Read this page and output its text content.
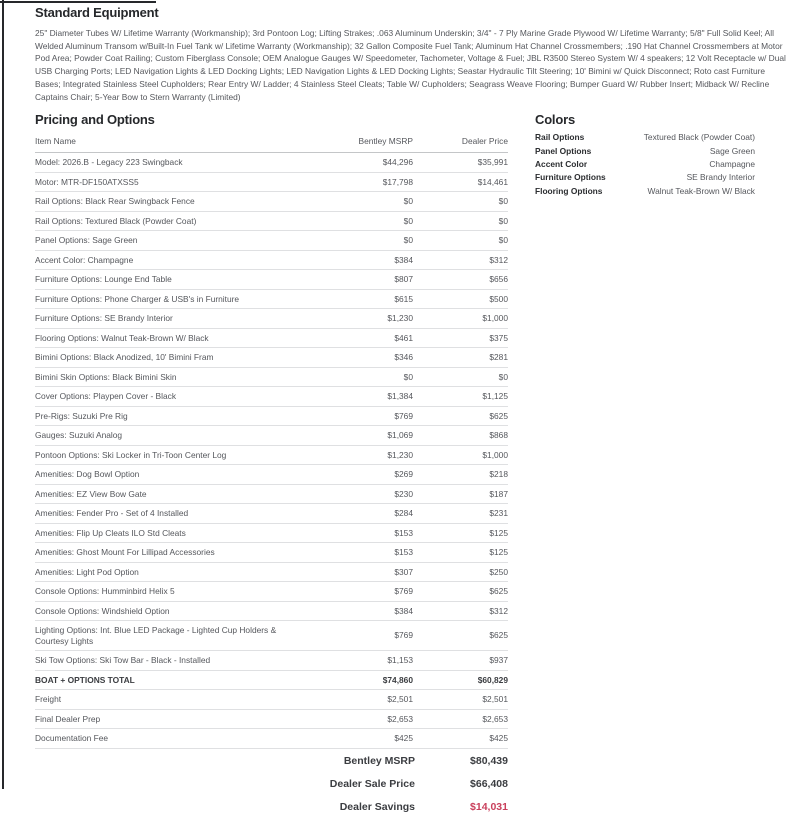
Standard Equipment

25" Diameter Tubes W/ Lifetime Warranty (Workmanship); 3rd Pontoon Log; Lifting Strakes; .063 Aluminum Underskin; 3/4" - 7 Ply Marine Grade Plywood W/ Lifetime Warranty; 5/8" Full Solid Keel; All Welded Aluminum Transom w/Built-In Fuel Tank w/ Lifetime Warranty (Workmanship); 32 Gallon Composite Fuel Tank; Aluminum Hat Channel Crossmembers; .190 Hat Channel Crossmembers at Motor Pod Area; Powder Coat Railing; Custom Fiberglass Console; OEM Analogue Gauges W/ Speedometer, Tachometer, Voltage & Fuel; JBL R3500 Stereo System W/ 4 speakers; 12 Volt Receptacle w/ Dual USB Charging Ports; LED Navigation Lights & LED Docking Lights; LED Navigation Lights & LED Docking Lights; Seastar Hydraulic Tilt Steering; 10' Bimini w/ Quick Disconnect; Roto cast Furniture Bases; Integrated Stainless Steel Cupholders; Rear Entry W/ Ladder; 4 Stainless Steel Cleats; Table W/ Cupholders; Seagrass Weave Flooring; Bumper Guard W/ Rubber Insert; Midback W/ Recline Captains Chair; 5-Year Bow to Stern Warranty (Limited)

Pricing and Options
Item Name	Bentley MSRP	Dealer Price
Model: 2026.B - Legacy 223 Swingback	$44,296	$35,991
Motor: MTR-DF150ATXSS5	$17,798	$14,461
Rail Options: Black Rear Swingback Fence	$0	$0
Rail Options: Textured Black (Powder Coat)	$0	$0
Panel Options: Sage Green	$0	$0
Accent Color: Champagne	$384	$312
Furniture Options: Lounge End Table	$807	$656
Furniture Options: Phone Charger & USB's in Furniture	$615	$500
Furniture Options: SE Brandy Interior	$1,230	$1,000
Flooring Options: Walnut Teak-Brown W/ Black	$461	$375
Bimini Options: Black Anodized, 10' Bimini Fram	$346	$281
Bimini Skin Options: Black Bimini Skin	$0	$0
Cover Options: Playpen Cover - Black	$1,384	$1,125
Pre-Rigs: Suzuki Pre Rig	$769	$625
Gauges: Suzuki Analog	$1,069	$868
Pontoon Options: Ski Locker in Tri-Toon Center Log	$1,230	$1,000
Amenities: Dog Bowl Option	$269	$218
Amenities: EZ View Bow Gate	$230	$187
Amenities: Fender Pro - Set of 4 Installed	$284	$231
Amenities: Flip Up Cleats ILO Std Cleats	$153	$125
Amenities: Ghost Mount For Lillipad Accessories	$153	$125
Amenities: Light Pod Option	$307	$250
Console Options: Humminbird Helix 5	$769	$625
Console Options: Windshield Option	$384	$312
Lighting Options: Int. Blue LED Package - Lighted Cup Holders & Courtesy Lights	$769	$625
Ski Tow Options: Ski Tow Bar - Black - Installed	$1,153	$937
BOAT + OPTIONS TOTAL	$74,860	$60,829
Freight	$2,501	$2,501
Final Dealer Prep	$2,653	$2,653
Documentation Fee	$425	$425
Bentley MSRP	$80,439
Dealer Sale Price	$66,408
Dealer Savings	$14,031
Colors
Rail Options	Textured Black (Powder Coat)
Panel Options	Sage Green
Accent Color	Champagne
Furniture Options	SE Brandy Interior
Flooring Options	Walnut Teak-Brown W/ Black
